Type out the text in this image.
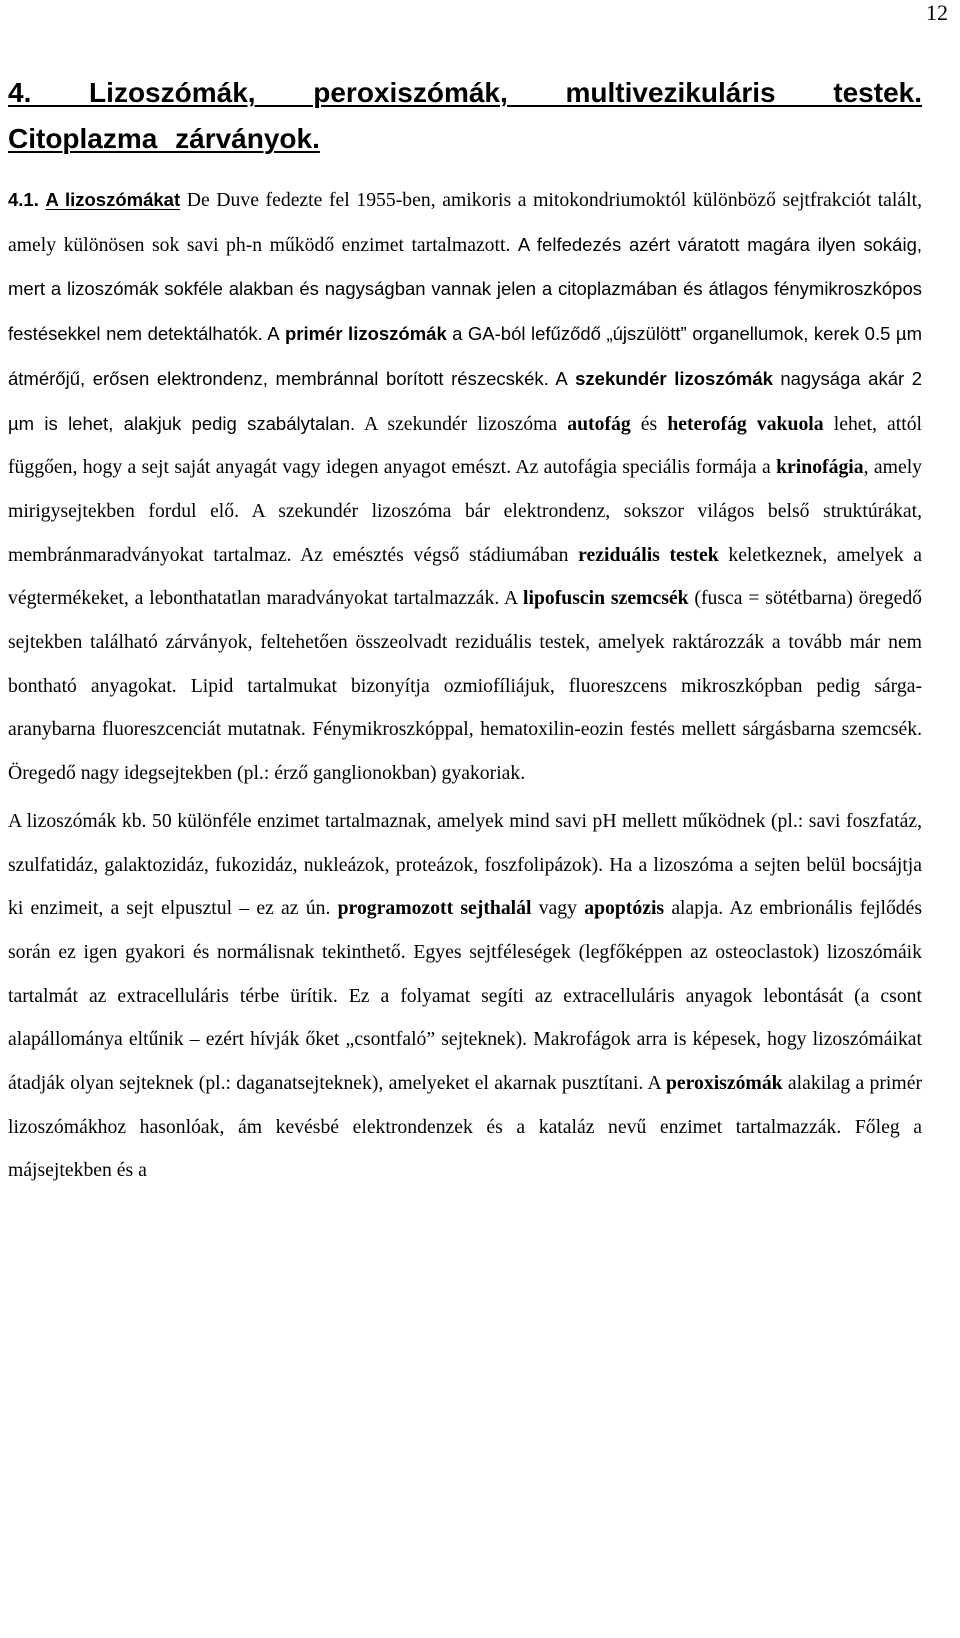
12
4. Lizoszómák, peroxiszómák, multivezikuláris testek. Citoplazma zárványok.

4.1. A lizoszómákat De Duve fedezte fel 1955-ben, amikoris a mitokondriumoktól különböző sejtfrakciót talált, amely különösen sok savi ph-n működő enzimet tartalmazott. A felfedezés azért váratott magára ilyen sokáig, mert a lizoszómák sokféle alakban és nagyságban vannak jelen a citoplazmában és átlagos fénymikroszkópos festésekkel nem detektálhatók. A primér lizoszómák a GA-ból lefűződő „újszülött” organellumok, kerek 0.5 µm átmérőjű, erősen elektrondenz, membránnal borított részecskék. A szekundér lizoszómák nagysága akár 2 µm is lehet, alakjuk pedig szabálytalan. A szekundér lizoszóma autofág és heterofág vakuola lehet, attól függően, hogy a sejt saját anyagát vagy idegen anyagot emészt. Az autofágia speciális formája a krinofágia, amely mirigysejtekben fordul elő. A szekundér lizoszóma bár elektrondenz, sokszor világos belső struktúrákat, membránmaradványokat tartalmaz. Az emésztés végső stádiumában reziduális testek keletkeznek, amelyek a végtermékeket, a lebonthatatlan maradványokat tartalmazzák. A lipofuscin szemcsék (fusca = sötétbarna) öregedő sejtekben található zárványok, feltehetően összeolvadt reziduális testek, amelyek raktározzák a tovább már nem bontható anyagokat. Lipid tartalmukat bizonyítja ozmiofíliájuk, fluoreszcens mikroszkópban pedig sárga-aranybarna fluoreszcenciát mutatnak. Fénymikroszkóppal, hematoxilin-eozin festés mellett sárgásbarna szemcsék. Öregedő nagy idegsejtekben (pl.: érző ganglionokban) gyakoriak.

A lizoszómák kb. 50 különféle enzimet tartalmaznak, amelyek mind savi pH mellett működnek (pl.: savi foszfatáz, szulfatidáz, galaktozidáz, fukozidáz, nukleázok, proteázok, foszfolipázok). Ha a lizoszóma a sejten belül bocsájtja ki enzimeit, a sejt elpusztul – ez az ún. programozott sejthalál vagy apoptózis alapja. Az embrionális fejlődés során ez igen gyakori és normálisnak tekinthető. Egyes sejtféleségek (legfőképpen az osteoclastok) lizoszómáik tartalmát az extracelluláris térbe ürítik. Ez a folyamat segíti az extracelluláris anyagok lebontását (a csont alapállománya eltűnik – ezért hívják őket „csontfaló” sejteknek). Makrofágok arra is képesek, hogy lizoszómáikat átadják olyan sejteknek (pl.: daganatsejteknek), amelyeket el akarnak pusztítani. A peroxiszómák alakilag a primér lizoszómákhoz hasonlóak, ám kevésbé elektrondenzek és a kataláz nevű enzimet tartalmazzák. Főleg a májsejtekben és a
